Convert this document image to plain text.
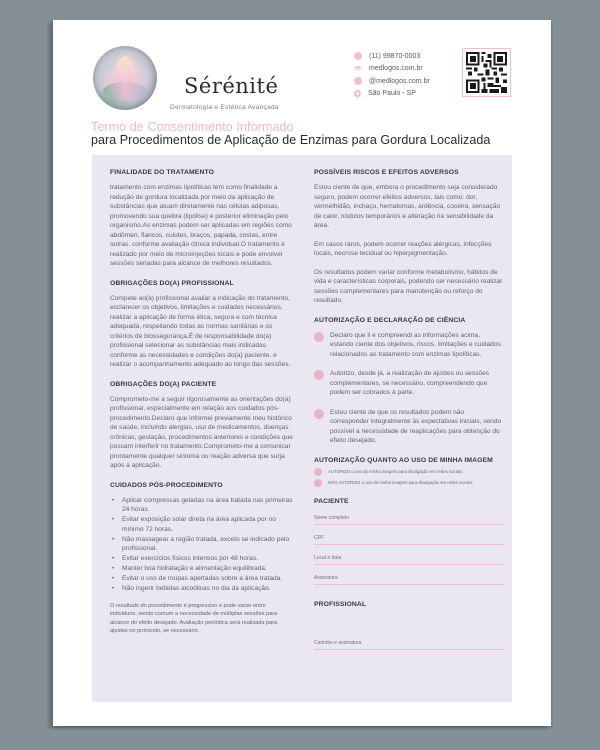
Sérénité
Dermatologia e Estética Avançada
(11) 99870-0003
medlogos.com.br
@medlogos.com.br
São Paulo - SP
Termo de Consentimento Informado
para Procedimentos de Aplicação de Enzimas para Gordura Localizada
FINALIDADE DO TRATAMENTO
tratamento com enzimas lipolíticas tem como finalidade a redução de gordura localizada por meio da aplicação de substâncias que atuam diretamente nas células adiposas, promovendo sua quebra (lipólise) e posterior eliminação pelo organismo.As enzimas podem ser aplicadas em regiões como abdômen, flancos, culotes, braços, papada, costas, entre outras, conforme avaliação clínica individual.O tratamento é realizado por meio de microinjeções locais e pode envolver sessões seriadas para alcance de melhores resultados.
OBRIGAÇÕES DO(A) PROFISSIONAL
Compete ao(à) profissional avaliar a indicação do tratamento, esclarecer os objetivos, limitações e cuidados necessários, realizar a aplicação de forma ética, segura e com técnica adequada, respeitando todas as normas sanitárias e os critérios de biossegurança.É de responsabilidade do(a) profissional selecionar as substâncias mais indicadas conforme as necessidades e condições do(a) paciente, e realizar o acompanhamento adequado ao longo das sessões.
OBRIGAÇÕES DO(A) PACIENTE
Comprometo-me a seguir rigorosamente as orientações do(a) profissional, especialmente em relação aos cuidados pós-procedimento.Declaro que informei previamente meu histórico de saúde, incluindo alergias, uso de medicamentos, doenças crônicas, gestação, procedimentos anteriores e condições que possam interferir no tratamento.Comprometo-me a comunicar prontamente qualquer sintoma ou reação adversa que surja após a aplicação.
CUIDADOS PÓS-PROCEDIMENTO
• Aplicar compressas geladas na área tratada nas primeiras 24 horas.
• Evitar exposição solar direta na área aplicada por no mínimo 72 horas.
• Não massagear a região tratada, exceto se indicado pelo profissional.
• Evitar exercícios físicos intensos por 48 horas.
• Manter boa hidratação e alimentação equilibrada.
• Evitar o uso de roupas apertadas sobre a área tratada.
• Não ingerir bebidas alcoólicas no dia da aplicação.
O resultado do procedimento é progressivo e pode variar entre indivíduos, sendo comum a necessidade de múltiplas sessões para alcance do efeito desejado. Avaliação periódica será realizada para ajustes no protocolo, se necessário.
POSSÍVEIS RISCOS E EFEITOS ADVERSOS
Estou ciente de que, embora o procedimento seja considerado seguro, podem ocorrer efeitos adversos, tais como: dor, vermelhidão, inchaço, hematomas, ardência, coceira, sensação de calor, nódulos temporários e alteração na sensibilidade da área.
Em casos raros, podem ocorrer reações alérgicas, infecções locais, necrose tecidual ou hiperpigmentação.
Os resultados podem variar conforme metabolismo, hábitos de vida e características corporais, podendo ser necessário realizar sessões complementares para manutenção ou reforço do resultado.
AUTORIZAÇÃO E DECLARAÇÃO DE CIÊNCIA
Declaro que li e compreendi as informações acima, estando ciente dos objetivos, riscos, limitações e cuidados relacionados ao tratamento com enzimas lipolíticas.
Autorizo, desde já, a realização de ajustes ou sessões complementares, se necessário, compreendendo que podem ser cobrados à parte.
Estou ciente de que os resultados podem não corresponder integralmente às expectativas iniciais, sendo possível a necessidade de reaplicações para obtenção do efeito desejado.
AUTORIZAÇÃO QUANTO AO USO DE MINHA IMAGEM
AUTORIZO o uso da minha imagem para divulgação em redes sociais.
NÃO AUTORIZO o uso da minha imagem para divulgação em redes sociais.
PACIENTE
Nome completo
CPF
Local e data
Assinatura
PROFISSIONAL
Carimbo e assinatura
